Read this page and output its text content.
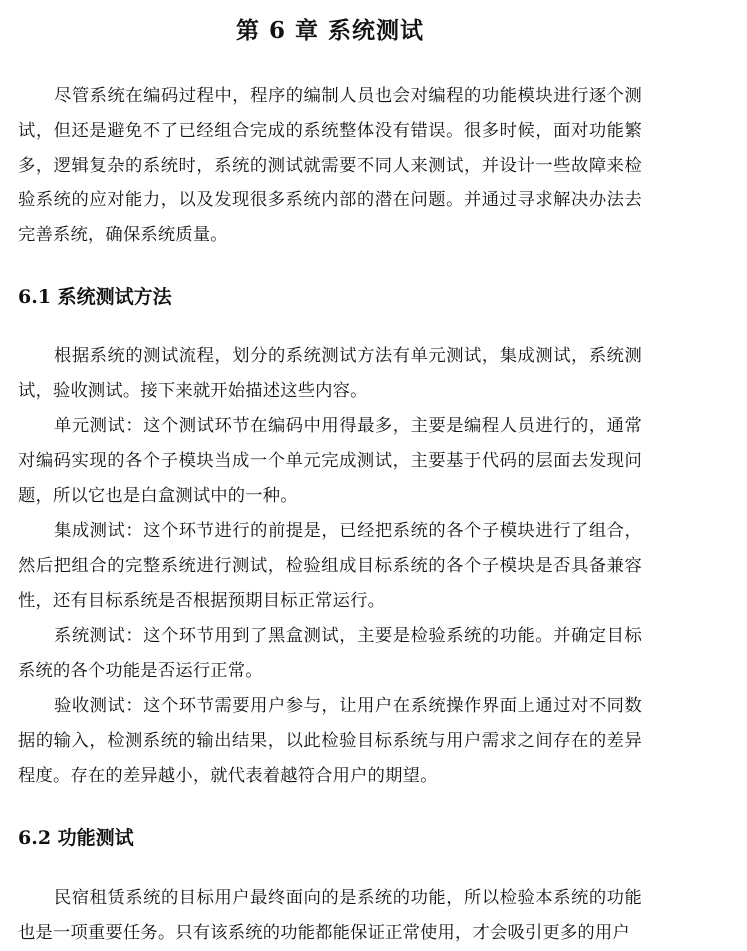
第 6 章 系统测试

尽管系统在编码过程中，程序的编制人员也会对编程的功能模块进行逐个测试，但还是避免不了已经组合完成的系统整体没有错误。很多时候，面对功能繁多，逻辑复杂的系统时，系统的测试就需要不同人来测试，并设计一些故障来检验系统的应对能力，以及发现很多系统内部的潜在问题。并通过寻求解决办法去完善系统，确保系统质量。

6.1 系统测试方法

根据系统的测试流程，划分的系统测试方法有单元测试，集成测试，系统测试，验收测试。接下来就开始描述这些内容。

单元测试：这个测试环节在编码中用得最多，主要是编程人员进行的，通常对编码实现的各个子模块当成一个单元完成测试，主要基于代码的层面去发现问题，所以它也是白盒测试中的一种。

集成测试：这个环节进行的前提是，已经把系统的各个子模块进行了组合，然后把组合的完整系统进行测试，检验组成目标系统的各个子模块是否具备兼容性，还有目标系统是否根据预期目标正常运行。

系统测试：这个环节用到了黑盒测试，主要是检验系统的功能。并确定目标系统的各个功能是否运行正常。

验收测试：这个环节需要用户参与，让用户在系统操作界面上通过对不同数据的输入，检测系统的输出结果，以此检验目标系统与用户需求之间存在的差异程度。存在的差异越小，就代表着越符合用户的期望。

6.2 功能测试

民宿租赁系统的目标用户最终面向的是系统的功能，所以检验本系统的功能也是一项重要任务。只有该系统的功能都能保证正常使用，才会吸引更多的用户
